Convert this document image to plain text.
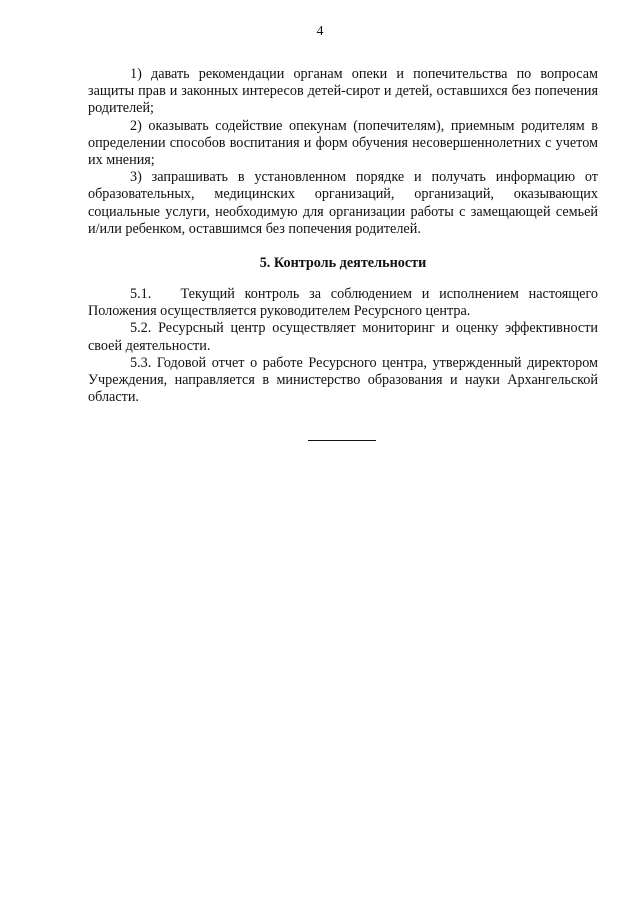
4

1) давать рекомендации органам опеки и попечительства по вопросам защиты прав и законных интересов детей-сирот и детей, оставшихся без попечения родителей;

2) оказывать содействие опекунам (попечителям), приемным родителям в определении способов воспитания и форм обучения несовершеннолетних с учетом их мнения;

3) запрашивать в установленном порядке и получать информацию от образовательных, медицинских организаций, организаций, оказывающих социальные услуги, необходимую для организации работы с замещающей семьей и/или ребенком, оставшимся без попечения родителей.

5. Контроль деятельности

5.1. Текущий контроль за соблюдением и исполнением настоящего Положения осуществляется руководителем Ресурсного центра.

5.2. Ресурсный центр осуществляет мониторинг и оценку эффективности своей деятельности.

5.3. Годовой отчет о работе Ресурсного центра, утвержденный директором Учреждения, направляется в министерство образования и науки Архангельской области.
